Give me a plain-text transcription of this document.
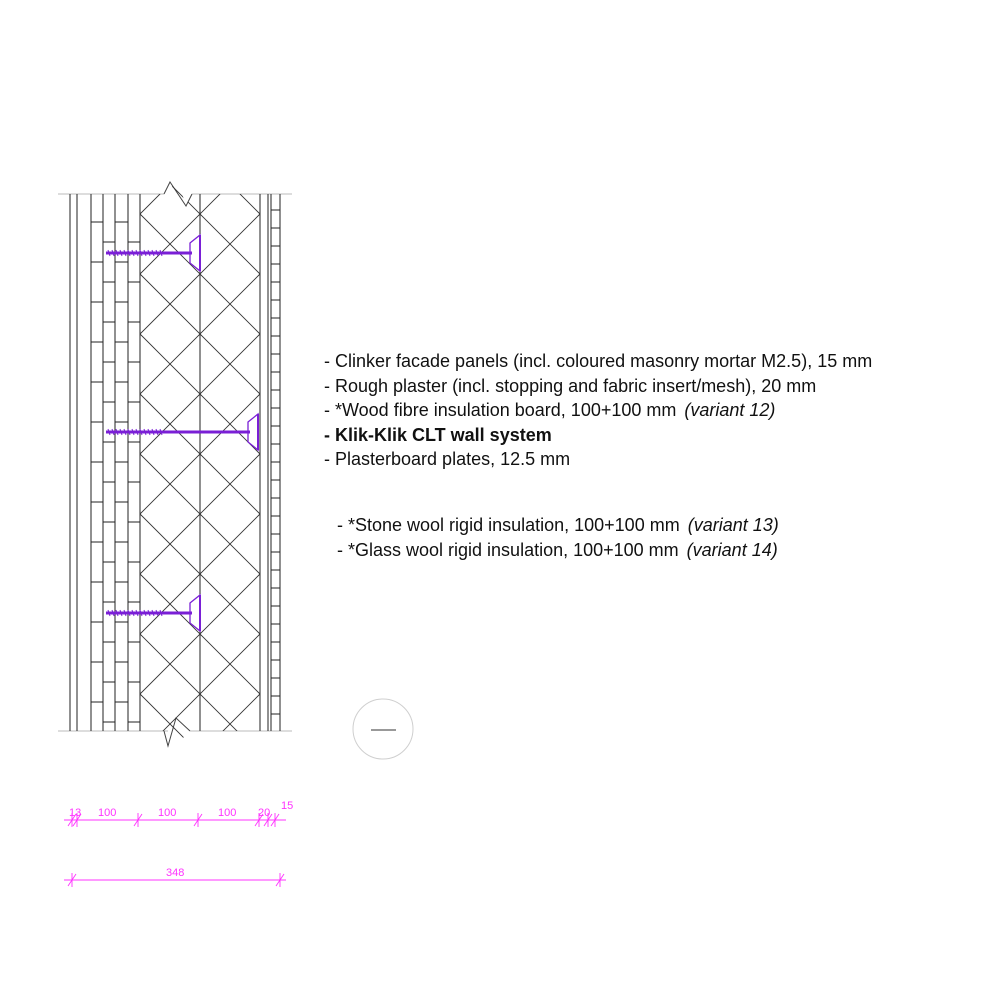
13 100	100	100 20
15
348
- Clinker facade panels (incl. coloured masonry mortar M2.5), 15 mm
- Rough plaster (incl. stopping and fabric insert/mesh), 20 mm
- *Wood fibre insulation board, 100+100 mm (variant 12)
- Klik-Klik CLT wall system
- Plasterboard plates, 12.5 mm
- *Stone wool rigid insulation, 100+100 mm (variant 13)
- *Glass wool rigid insulation, 100+100 mm (variant 14)
